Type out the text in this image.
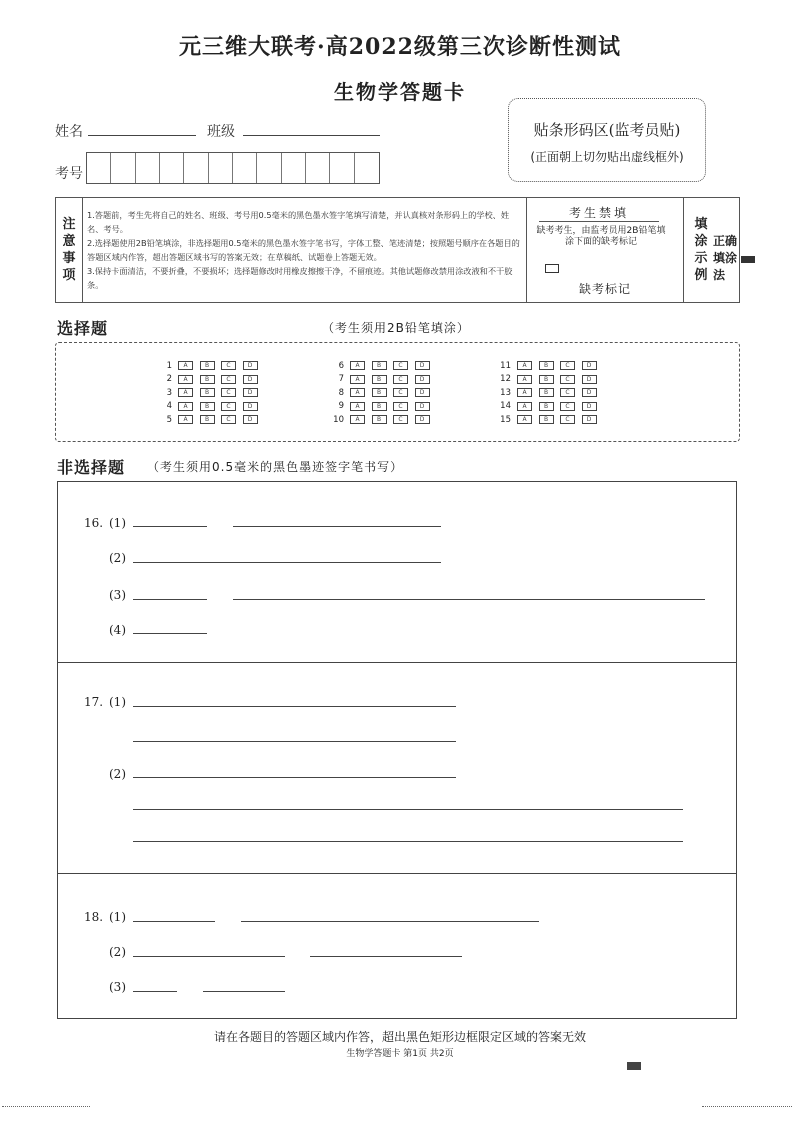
元三维大联考·高2022级第三次诊断性测试
生物学答题卡
姓名	班级
考号
贴条形码区(监考员贴)
(正面朝上切勿贴出虚线框外)
注
意
事
项
1.答题前，考生先将自己的姓名、班级、考号用0.5毫米的黑色墨水签字笔填写清楚，并认真核对条形码上的学校、姓名、考号。
2.选择题使用2B铅笔填涂，非选择题用0.5毫米的黑色墨水签字笔书写，字体工整、笔迹清楚；按照题号顺序在各题目的答题区域内作答，超出答题区域书写的答案无效；在草稿纸、试题卷上答题无效。
3.保持卡面清洁，不要折叠，不要损坏；选择题修改时用橡皮擦擦干净，不留痕迹。其他试题修改禁用涂改液和不干胶条。
考生禁填
缺考考生，由监考员用2B铅笔填涂下面的缺考标记
缺考标记
填
涂
示
例
正确填涂法
选择题	（考生须用2B铅笔填涂）
1	A	B	C	D
2	A	B	C	D
3	A	B	C	D
4	A	B	C	D
5	A	B	C	D
6	A	B	C	D
7	A	B	C	D
8	A	B	C	D
9	A	B	C	D
10	A	B	C	D
11	A	B	C	D
12	A	B	C	D
13	A	B	C	D
14	A	B	C	D
15	A	B	C	D
非选择题 （考生须用0.5毫米的黑色墨迹签字笔书写）
16. (1)
(2)
(3)
(4)
17. (1)
(2)
18. (1)
(2)
(3)
请在各题目的答题区域内作答，超出黑色矩形边框限定区域的答案无效
生物学答题卡 第1页 共2页
